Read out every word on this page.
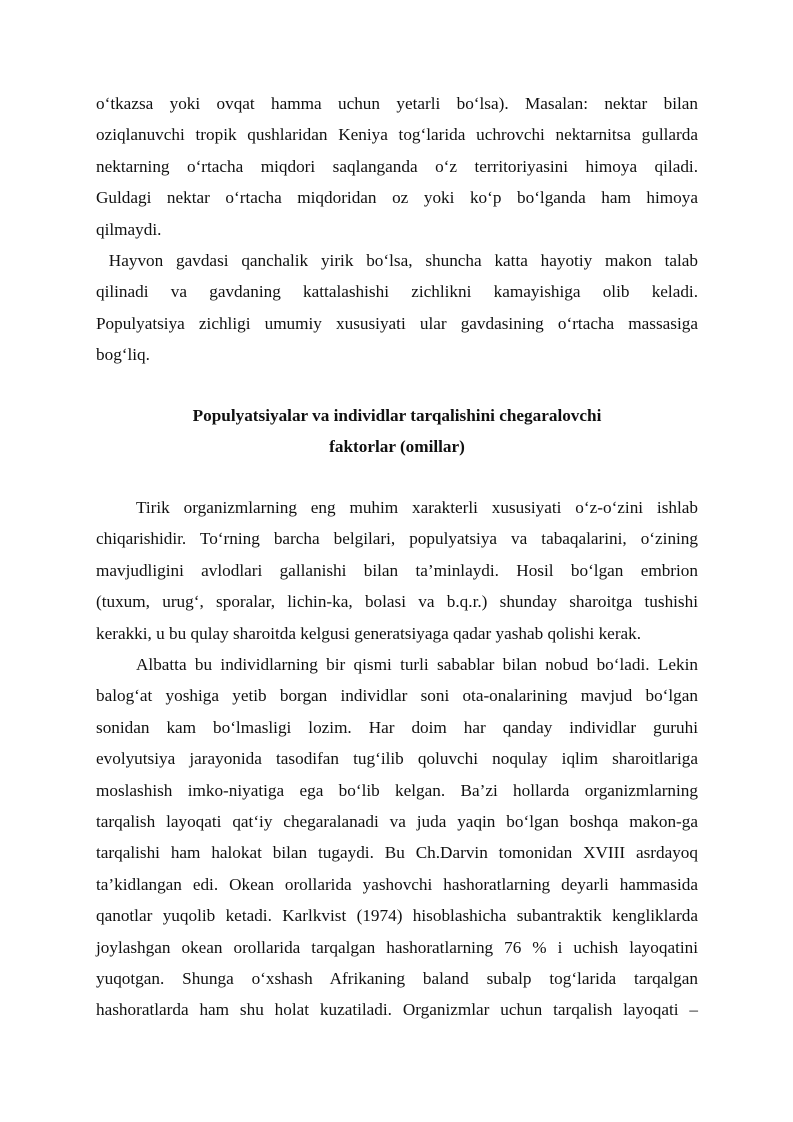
o‘tkazsa yoki ovqat hamma uchun yetarli bo‘lsa). Masalan: nektar bilan
oziqlanuvchi tropik qushlaridan Keniya tog‘larida uchrovchi nektarnitsa gullarda
nektarning o‘rtacha miqdori saqlanganda o‘z territoriyasini himoya qiladi.
Guldagi nektar o‘rtacha miqdoridan oz yoki ko‘p bo‘lganda ham himoya
qilmaydi.
Hayvon gavdasi qanchalik yirik bo‘lsa, shuncha katta hayotiy makon talab
qilinadi va gavdaning kattalashishi zichlikni kamayishiga olib keladi.
Populyatsiya zichligi umumiy xususiyati ular gavdasining o‘rtacha massasiga
bog‘liq.
Populyatsiyalar va individlar tarqalishini chegaralovchi
faktorlar (omillar)
Tirik organizmlarning eng muhim xarakterli xususiyati o‘z-o‘zini ishlab
chiqarishidir. To‘rning barcha belgilari, populyatsiya va tabaqalarini, o‘zining
mavjudligini avlodlari gallanishi bilan ta’minlaydi. Hosil bo‘lgan embrion
(tuxum, urug‘, sporalar, lichin-ka, bolasi va b.q.r.) shunday sharoitga tushishi
kerakki, u bu qulay sharoitda kelgusi generatsiyaga qadar yashab qolishi kerak.
Albatta bu individlarning bir qismi turli sabablar bilan nobud bo‘ladi. Lekin
balog‘at yoshiga yetib borgan individlar soni ota-onalarining mavjud bo‘lgan
sonidan kam bo‘lmasligi lozim. Har doim har qanday individlar guruhi
evolyutsiya jarayonida tasodifan tug‘ilib qoluvchi noqulay iqlim sharoitlariga
moslashish imko-niyatiga ega bo‘lib kelgan. Ba’zi hollarda organizmlarning
tarqalish layoqati qat‘iy chegaralanadi va juda yaqin bo‘lgan boshqa makon-ga
tarqalishi ham halokat bilan tugaydi. Bu Ch.Darvin tomonidan XVIII asrdayoq
ta’kidlangan edi. Okean orollarida yashovchi hashoratlarning deyarli hammasida
qanotlar yuqolib ketadi. Karlkvist (1974) hisoblashicha subantraktik kengliklarda
joylashgan okean orollarida tarqalgan hashoratlarning 76 % i uchish layoqatini
yuqotgan. Shunga o‘xshash Afrikaning baland subalp tog‘larida tarqalgan
hashoratlarda ham shu holat kuzatiladi. Organizmlar uchun tarqalish layoqati –
